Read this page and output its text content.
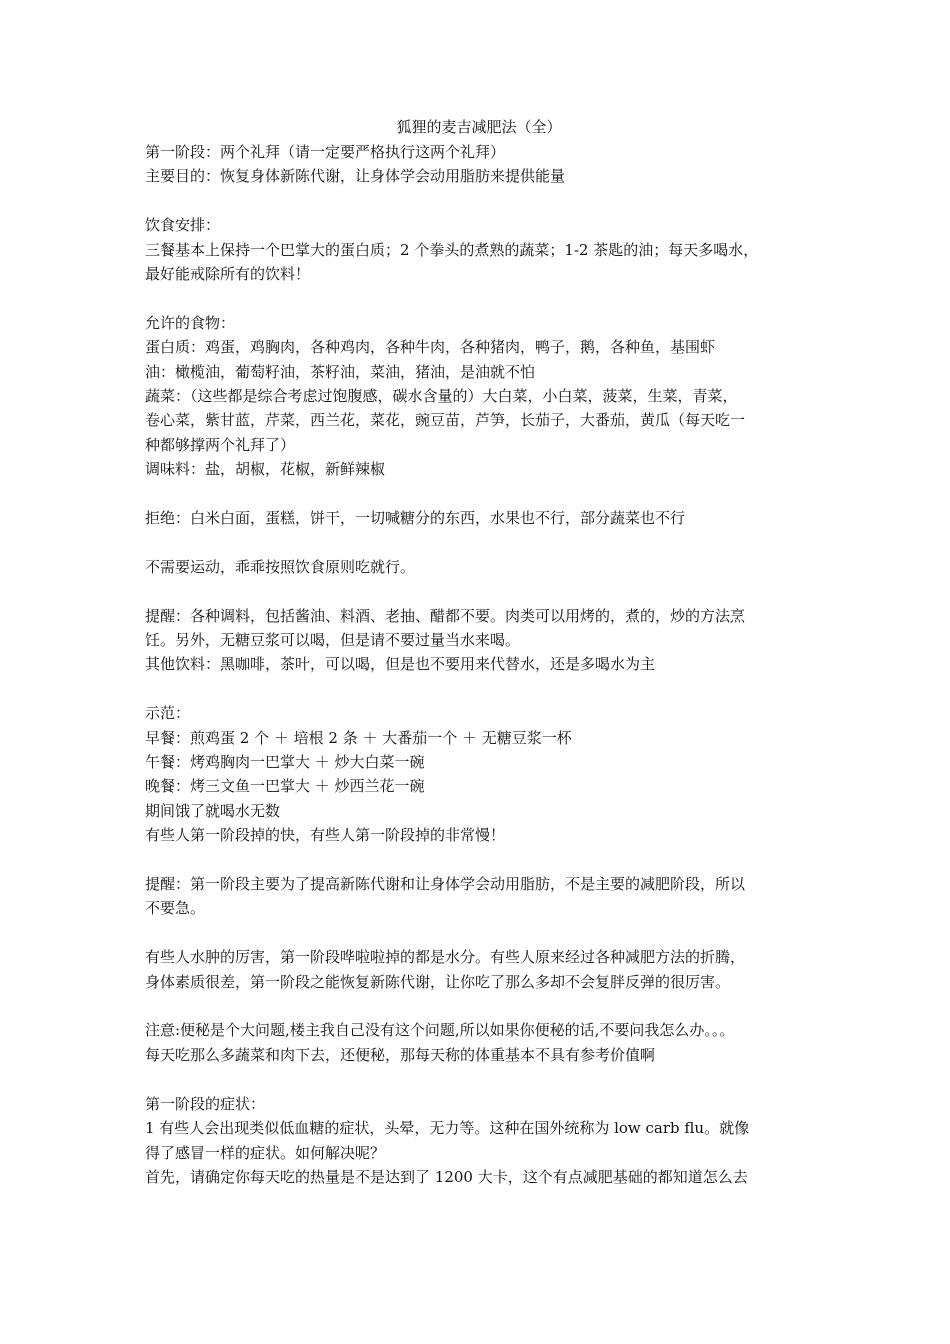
狐狸的麦吉减肥法（全）

第一阶段：两个礼拜（请一定要严格执行这两个礼拜）

主要目的：恢复身体新陈代谢，让身体学会动用脂肪来提供能量

饮食安排：

三餐基本上保持一个巴掌大的蛋白质；2 个拳头的煮熟的蔬菜；1-2 茶匙的油；每天多喝水，

最好能戒除所有的饮料！

允许的食物：

蛋白质：鸡蛋，鸡胸肉，各种鸡肉，各种牛肉，各种猪肉，鸭子，鹅，各种鱼，基围虾

油：橄榄油，葡萄籽油，茶籽油，菜油，猪油，是油就不怕

蔬菜：（这些都是综合考虑过饱腹感，碳水含量的）大白菜，小白菜，菠菜，生菜，青菜，

卷心菜，紫甘蓝，芹菜，西兰花，菜花，豌豆苗，芦笋，长茄子，大番茄，黄瓜（每天吃一

种都够撑两个礼拜了）

调味料：盐，胡椒，花椒，新鲜辣椒

拒绝：白米白面，蛋糕，饼干，一切喊糖分的东西，水果也不行，部分蔬菜也不行

不需要运动，乖乖按照饮食原则吃就行。

提醒：各种调料，包括酱油、料酒、老抽、醋都不要。肉类可以用烤的，煮的，炒的方法烹

饪。另外，无糖豆浆可以喝，但是请不要过量当水来喝。

其他饮料：黑咖啡，茶叶，可以喝，但是也不要用来代替水，还是多喝水为主

示范：

早餐：煎鸡蛋 2 个 ＋ 培根 2 条 ＋ 大番茄一个 ＋ 无糖豆浆一杯

午餐：烤鸡胸肉一巴掌大 ＋ 炒大白菜一碗

晚餐：烤三文鱼一巴掌大 ＋ 炒西兰花一碗

期间饿了就喝水无数

有些人第一阶段掉的快，有些人第一阶段掉的非常慢！

提醒：第一阶段主要为了提高新陈代谢和让身体学会动用脂肪，不是主要的减肥阶段，所以

不要急。

有些人水肿的厉害，第一阶段哗啦啦掉的都是水分。有些人原来经过各种减肥方法的折腾，

身体素质很差，第一阶段之能恢复新陈代谢，让你吃了那么多却不会复胖反弹的很厉害。

注意:便秘是个大问题,楼主我自己没有这个问题,所以如果你便秘的话,不要问我怎么办。。。

每天吃那么多蔬菜和肉下去，还便秘，那每天称的体重基本不具有参考价值啊

第一阶段的症状：

1 有些人会出现类似低血糖的症状，头晕，无力等。这种在国外统称为 low carb flu。就像

得了感冒一样的症状。如何解决呢？

首先，请确定你每天吃的热量是不是达到了 1200 大卡，这个有点减肥基础的都知道怎么去
